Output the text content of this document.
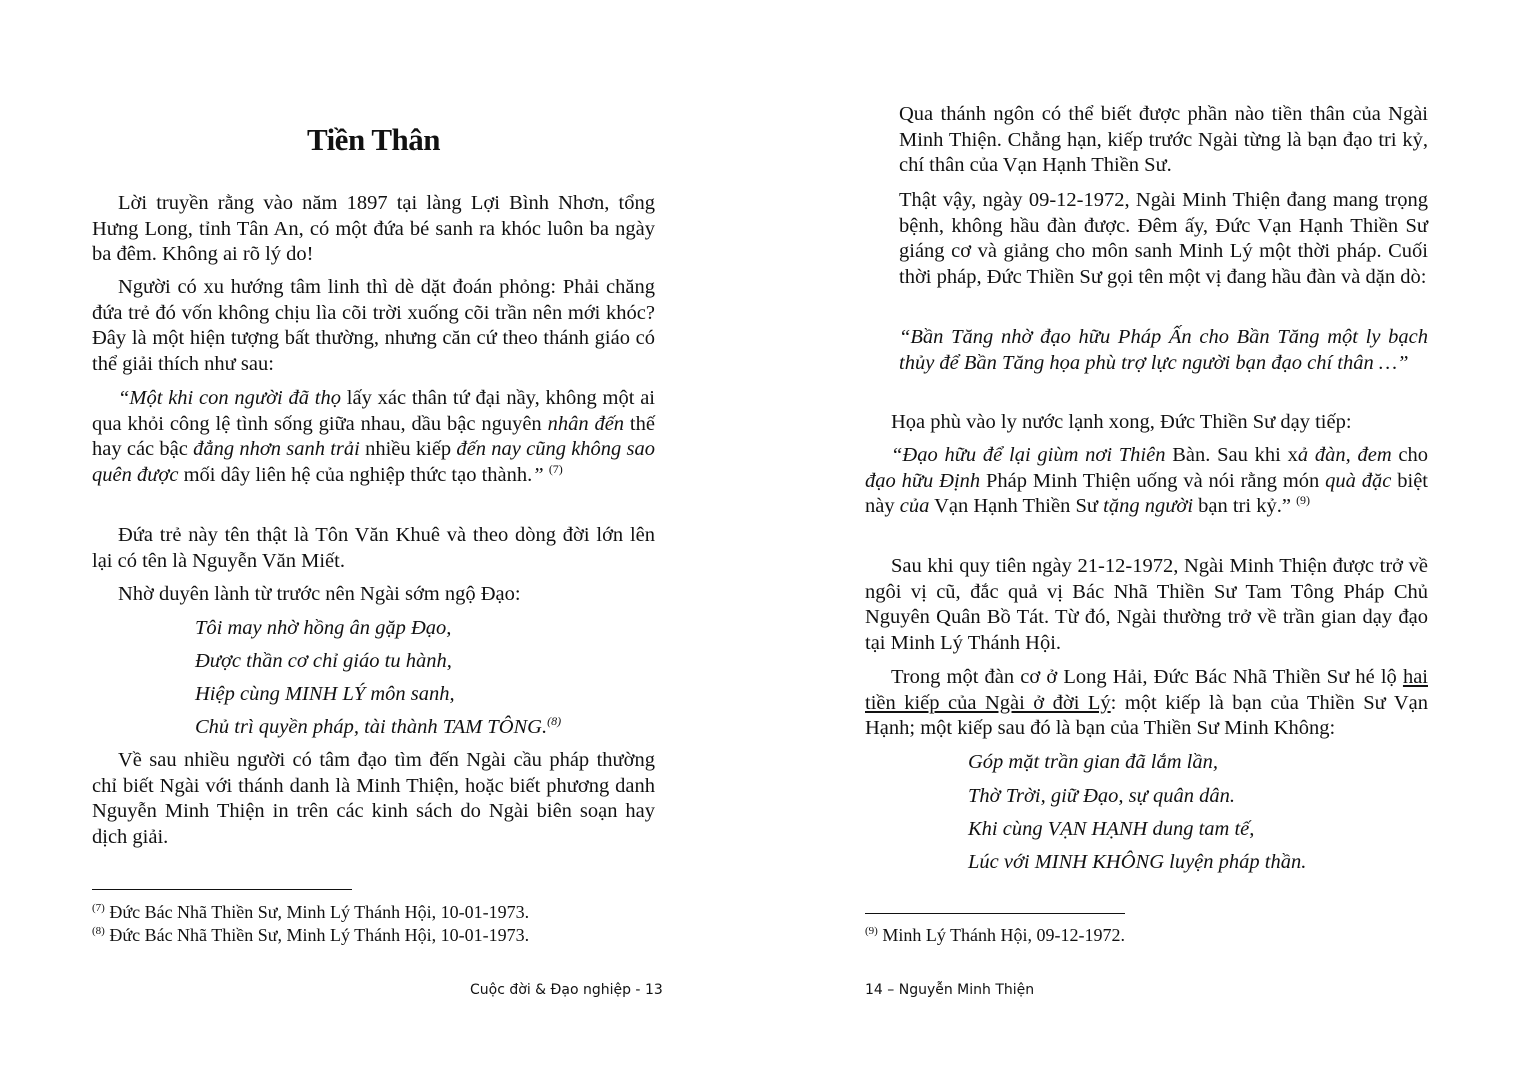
Tiền Thân

Lời truyền rằng vào năm 1897 tại làng Lợi Bình Nhơn, tổng Hưng Long, tỉnh Tân An, có một đứa bé sanh ra khóc luôn ba ngày ba đêm. Không ai rõ lý do!

Người có xu hướng tâm linh thì dè dặt đoán phỏng: Phải chăng đứa trẻ đó vốn không chịu lìa cõi trời xuống cõi trần nên mới khóc? Đây là một hiện tượng bất thường, nhưng căn cứ theo thánh giáo có thể giải thích như sau:

“Một khi con người đã thọ lấy xác thân tứ đại nầy, không một ai qua khỏi công lệ tình sống giữa nhau, dầu bậc nguyên nhân đến thế hay các bậc đẳng nhơn sanh trải nhiều kiếp đến nay cũng không sao quên được mối dây liên hệ của nghiệp thức tạo thành.” $^{(7)}$

Đứa trẻ này tên thật là Tôn Văn Khuê và theo dòng đời lớn lên lại có tên là Nguyễn Văn Miết.

Nhờ duyên lành từ trước nên Ngài sớm ngộ Đạo:

Tôi may nhờ hồng ân gặp Đạo,

Được thần cơ chỉ giáo tu hành,

Hiệp cùng MINH LÝ môn sanh,

Chủ trì quyền pháp, tài thành TAM TÔNG.$^{(8)}$

Về sau nhiều người có tâm đạo tìm đến Ngài cầu pháp thường chỉ biết Ngài với thánh danh là Minh Thiện, hoặc biết phương danh Nguyễn Minh Thiện in trên các kinh sách do Ngài biên soạn hay dịch giải.

$^{(7)}$ Đức Bác Nhã Thiền Sư, Minh Lý Thánh Hội, 10-01-1973.

$^{(8)}$ Đức Bác Nhã Thiền Sư, Minh Lý Thánh Hội, 10-01-1973.

Cuộc đời & Đạo nghiệp - 13

Qua thánh ngôn có thể biết được phần nào tiền thân của Ngài Minh Thiện. Chẳng hạn, kiếp trước Ngài từng là bạn đạo tri kỷ, chí thân của Vạn Hạnh Thiền Sư.

Thật vậy, ngày 09-12-1972, Ngài Minh Thiện đang mang trọng bệnh, không hầu đàn được. Đêm ấy, Đức Vạn Hạnh Thiền Sư giáng cơ và giảng cho môn sanh Minh Lý một thời pháp. Cuối thời pháp, Đức Thiền Sư gọi tên một vị đang hầu đàn và dặn dò:

“Bần Tăng nhờ đạo hữu Pháp Ấn cho Bần Tăng một ly bạch thủy để Bần Tăng họa phù trợ lực người bạn đạo chí thân …”

Họa phù vào ly nước lạnh xong, Đức Thiền Sư dạy tiếp:

“Đạo hữu để lại giùm nơi Thiên Bàn. Sau khi xả đàn, đem cho đạo hữu Định Pháp Minh Thiện uống và nói rằng món quà đặc biệt này của Vạn Hạnh Thiền Sư tặng người bạn tri kỷ.” $^{(9)}$

Sau khi quy tiên ngày 21-12-1972, Ngài Minh Thiện được trở về ngôi vị cũ, đắc quả vị Bác Nhã Thiền Sư Tam Tông Pháp Chủ Nguyên Quân Bồ Tát. Từ đó, Ngài thường trở về trần gian dạy đạo tại Minh Lý Thánh Hội.

Trong một đàn cơ ở Long Hải, Đức Bác Nhã Thiền Sư hé lộ hai tiền kiếp của Ngài ở đời Lý: một kiếp là bạn của Thiền Sư Vạn Hạnh; một kiếp sau đó là bạn của Thiền Sư Minh Không:

Góp mặt trần gian đã lắm lần,

Thờ Trời, giữ Đạo, sự quân dân.

Khi cùng VẠN HẠNH dung tam tế,

Lúc với MINH KHÔNG luyện pháp thần.

$^{(9)}$ Minh Lý Thánh Hội, 09-12-1972.

14 – Nguyễn Minh Thiện
